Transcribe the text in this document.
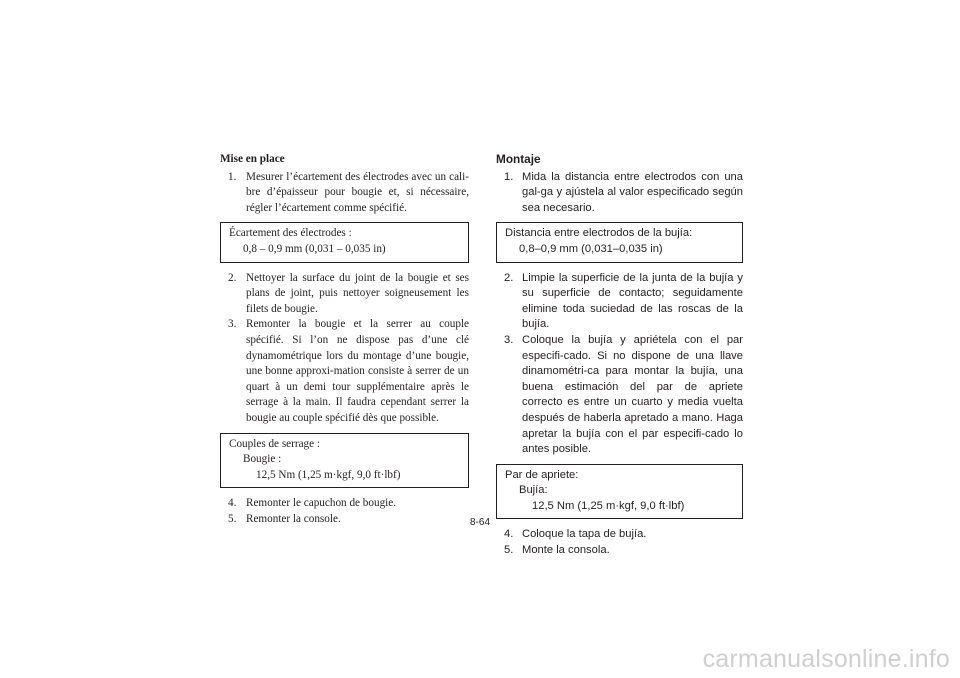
Mise en place

1. Mesurer l’écartement des électrodes avec un cali-bre d’épaisseur pour bougie et, si nécessaire, régler l’écartement comme spécifié.

Écartement des électrodes :
0,8 – 0,9 mm (0,031 – 0,035 in)

2. Nettoyer la surface du joint de la bougie et ses plans de joint, puis nettoyer soigneusement les filets de bougie.

3. Remonter la bougie et la serrer au couple spécifié. Si l’on ne dispose pas d’une clé dynamométrique lors du montage d’une bougie, une bonne approxi-mation consiste à serrer de un quart à un demi tour supplémentaire après le serrage à la main. Il faudra cependant serrer la bougie au couple spécifié dès que possible.

Couples de serrage :
Bougie :
12,5 Nm (1,25 m·kgf, 9,0 ft·lbf)

4. Remonter le capuchon de bougie.

5. Remonter la console.

Montaje

1. Mida la distancia entre electrodos con una gal-ga y ajústela al valor especificado según sea necesario.

Distancia entre electrodos de la bujía:
0,8–0,9 mm (0,031–0,035 in)

2. Limpie la superficie de la junta de la bujía y su superficie de contacto; seguidamente elimine toda suciedad de las roscas de la bujía.

3. Coloque la bujía y apriétela con el par especifi-cado. Si no dispone de una llave dinamométri-ca para montar la bujía, una buena estimación del par de apriete correcto es entre un cuarto y media vuelta después de haberla apretado a mano. Haga apretar la bujía con el par especifi-cado lo antes posible.

Par de apriete:
Bujía:
12,5 Nm (1,25 m·kgf, 9,0 ft·lbf)

4. Coloque la tapa de bujía.

5. Monte la consola.

8-64
carmanualsonline.info
